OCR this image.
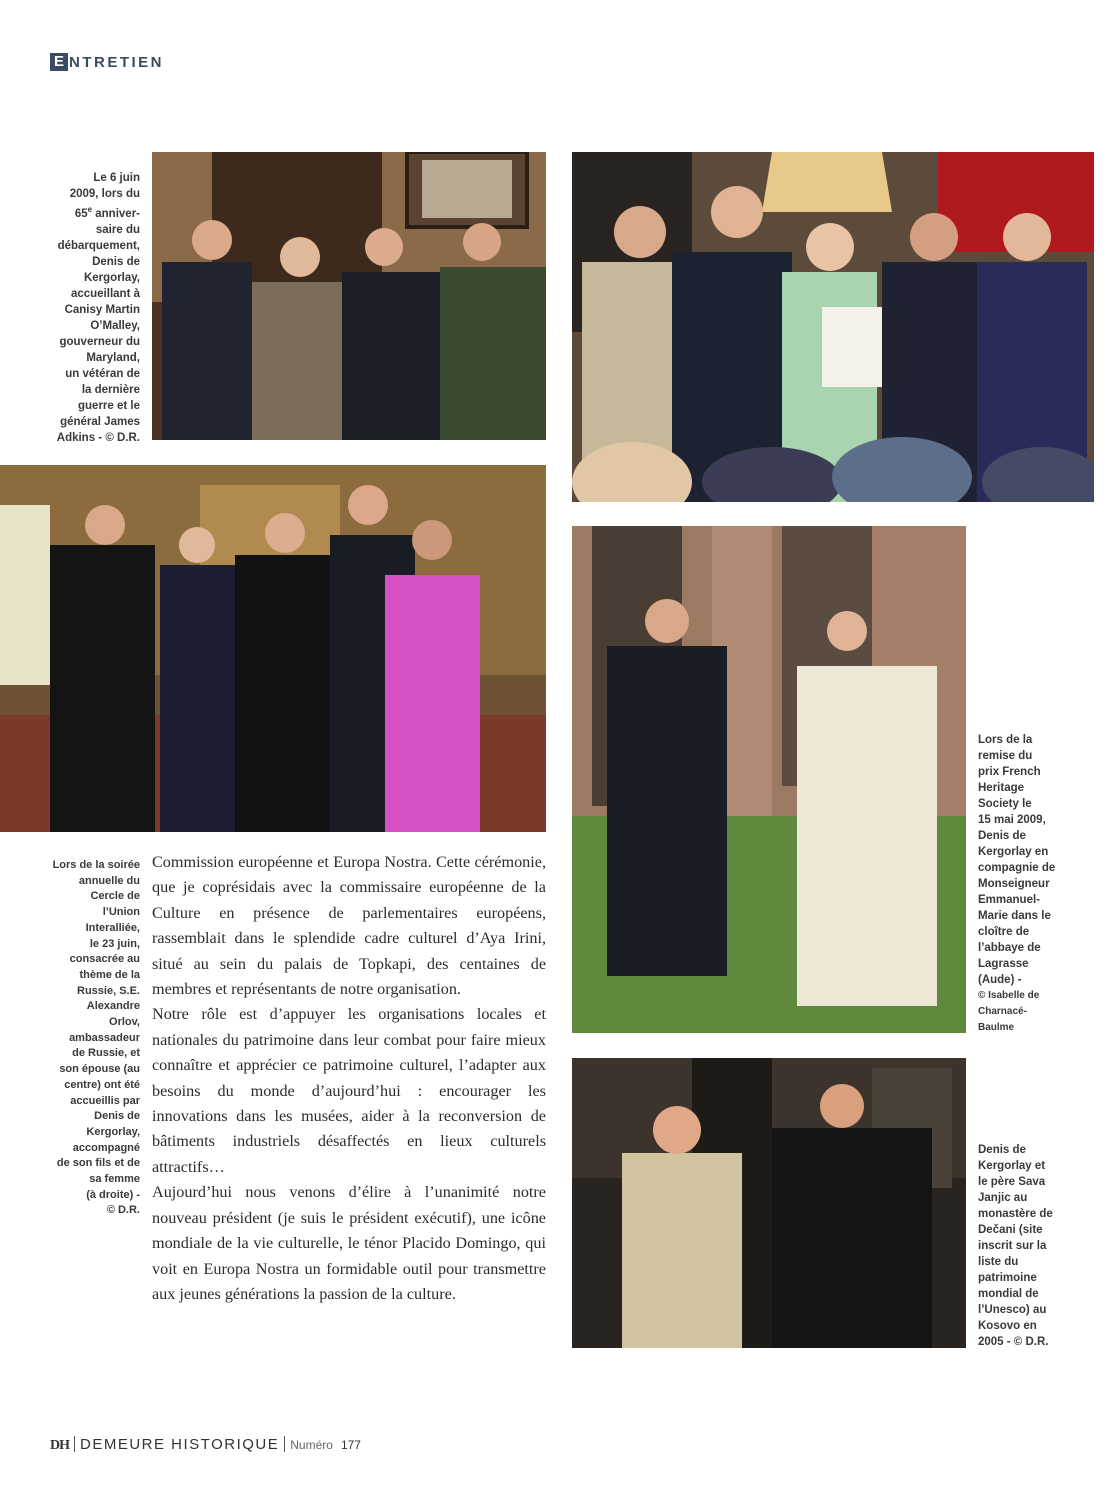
E NTRETIEN
Le 6 juin
2009, lors du
65e anniver-
saire du
débarquement,
Denis de
Kergorlay,
accueillant à
Canisy Martin
O’Malley,
gouverneur du
Maryland,
un vétéran de
la dernière
guerre et le
général James
Adkins - © D.R.
Lors de la soirée
annuelle du
Cercle de
l’Union
Interalliée,
le 23 juin,
consacrée au
thème de la
Russie, S.E.
Alexandre
Orlov,
ambassadeur
de Russie, et
son épouse (au
centre) ont été
accueillis par
Denis de
Kergorlay,
accompagné
de son fils et de
sa femme
(à droite) -
© D.R.

Commission européenne et Europa Nostra. Cette cérémonie, que je coprésidais avec la commissaire européenne de la Culture en présence de parlementaires européens, rassemblait dans le splendide cadre culturel d’Aya Irini, situé au sein du palais de Topkapi, des centaines de membres et représentants de notre organisation.

Notre rôle est d’appuyer les organisations locales et nationales du patrimoine dans leur combat pour faire mieux connaître et apprécier ce patrimoine culturel, l’adapter aux besoins du monde d’aujourd’hui : encourager les innovations dans les musées, aider à la reconversion de bâtiments industriels désaffectés en lieux culturels attractifs…

Aujourd’hui nous venons d’élire à l’unanimité notre nouveau président (je suis le président exécutif), une icône mondiale de la vie culturelle, le ténor Placido Domingo, qui voit en Europa Nostra un formidable outil pour transmettre aux jeunes générations la passion de la culture.

Lors de la
remise du
prix French
Heritage
Society le
15 mai 2009,
Denis de
Kergorlay en
compagnie de
Monseigneur
Emmanuel-
Marie dans le
cloître de
l’abbaye de
Lagrasse
(Aude) -
© Isabelle de
Charnacé-
Baulme
Denis de
Kergorlay et
le père Sava
Janjic au
monastère de
Dečani (site
inscrit sur la
liste du
patrimoine
mondial de
l’Unesco) au
Kosovo en
2005 - © D.R.
DH DEMEURE HISTORIQUE Numéro 177
